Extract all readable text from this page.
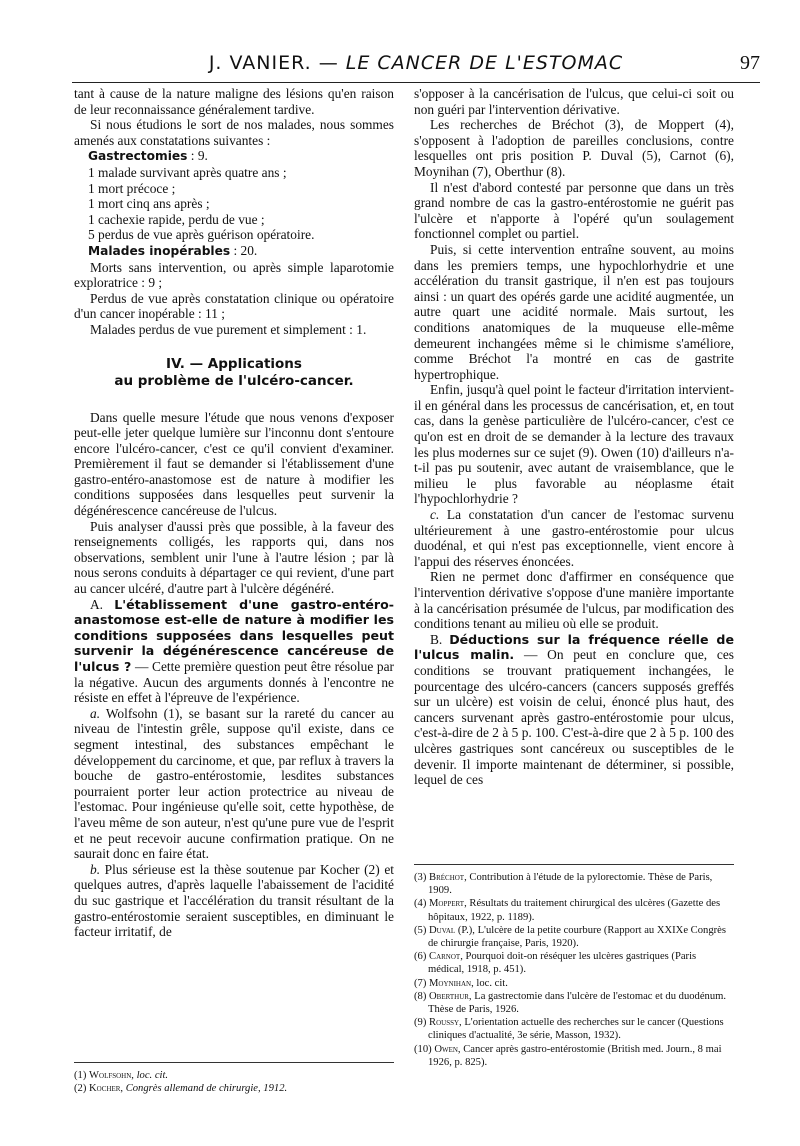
J. VANIER. — LE CANCER DE L'ESTOMAC	97

tant à cause de la nature maligne des lésions qu'en raison de leur reconnaissance généralement tardive.

Si nous étudions le sort de nos malades, nous sommes amenés aux constatations suivantes :

Gastrectomies : 9.
1 malade survivant après quatre ans ;
1 mort précoce ;
1 mort cinq ans après ;
1 cachexie rapide, perdu de vue ;
5 perdus de vue après guérison opératoire.
Malades inopérables : 20.

Morts sans intervention, ou après simple laparotomie exploratrice : 9 ;

Perdus de vue après constatation clinique ou opératoire d'un cancer inopérable : 11 ;

Malades perdus de vue purement et simplement : 1.

IV. — Applications
au problème de l'ulcéro-cancer.

Dans quelle mesure l'étude que nous venons d'exposer peut-elle jeter quelque lumière sur l'inconnu dont s'entoure encore l'ulcéro-cancer, c'est ce qu'il convient d'examiner. Premièrement il faut se demander si l'établissement d'une gastro-entéro-anastomose est de nature à modifier les conditions supposées dans lesquelles peut survenir la dégénérescence cancéreuse de l'ulcus.

Puis analyser d'aussi près que possible, à la faveur des renseignements colligés, les rapports qui, dans nos observations, semblent unir l'une à l'autre lésion ; par là nous serons conduits à départager ce qui revient, d'une part au cancer ulcéré, d'autre part à l'ulcère dégénéré.

A. L'établissement d'une gastro-entéro-anastomose est-elle de nature à modifier les conditions supposées dans lesquelles peut survenir la dégénérescence cancéreuse de l'ulcus ? — Cette première question peut être résolue par la négative. Aucun des arguments donnés à l'encontre ne résiste en effet à l'épreuve de l'expérience.

a. Wolfsohn (1), se basant sur la rareté du cancer au niveau de l'intestin grêle, suppose qu'il existe, dans ce segment intestinal, des substances empêchant le développement du carcinome, et que, par reflux à travers la bouche de gastro-entérostomie, lesdites substances pourraient porter leur action protectrice au niveau de l'estomac. Pour ingénieuse qu'elle soit, cette hypothèse, de l'aveu même de son auteur, n'est qu'une pure vue de l'esprit et ne peut recevoir aucune confirmation pratique. On ne saurait donc en faire état.

b. Plus sérieuse est la thèse soutenue par Kocher (2) et quelques autres, d'après laquelle l'abaissement de l'acidité du suc gastrique et l'accélération du transit résultant de la gastro-entérostomie seraient susceptibles, en diminuant le facteur irritatif, de

s'opposer à la cancérisation de l'ulcus, que celui-ci soit ou non guéri par l'intervention dérivative.

Les recherches de Bréchot (3), de Moppert (4), s'opposent à l'adoption de pareilles conclusions, contre lesquelles ont pris position P. Duval (5), Carnot (6), Moynihan (7), Oberthur (8).

Il n'est d'abord contesté par personne que dans un très grand nombre de cas la gastro-entérostomie ne guérit pas l'ulcère et n'apporte à l'opéré qu'un soulagement fonctionnel complet ou partiel.

Puis, si cette intervention entraîne souvent, au moins dans les premiers temps, une hypochlorhydrie et une accélération du transit gastrique, il n'en est pas toujours ainsi : un quart des opérés garde une acidité augmentée, un autre quart une acidité normale. Mais surtout, les conditions anatomiques de la muqueuse elle-même demeurent inchangées même si le chimisme s'améliore, comme Bréchot l'a montré en cas de gastrite hypertrophique.

Enfin, jusqu'à quel point le facteur d'irritation intervient-il en général dans les processus de cancérisation, et, en tout cas, dans la genèse particulière de l'ulcéro-cancer, c'est ce qu'on est en droit de se demander à la lecture des travaux les plus modernes sur ce sujet (9). Owen (10) d'ailleurs n'a-t-il pas pu soutenir, avec autant de vraisemblance, que le milieu le plus favorable au néoplasme était l'hypochlorhydrie ?

c. La constatation d'un cancer de l'estomac survenu ultérieurement à une gastro-entérostomie pour ulcus duodénal, et qui n'est pas exceptionnelle, vient encore à l'appui des réserves énoncées.

Rien ne permet donc d'affirmer en conséquence que l'intervention dérivative s'oppose d'une manière importante à la cancérisation présumée de l'ulcus, par modification des conditions tenant au milieu où elle se produit.

B. Déductions sur la fréquence réelle de l'ulcus malin. — On peut en conclure que, ces conditions se trouvant pratiquement inchangées, le pourcentage des ulcéro-cancers (cancers supposés greffés sur un ulcère) est voisin de celui, énoncé plus haut, des cancers survenant après gastro-entérostomie pour ulcus, c'est-à-dire de 2 à 5 p. 100. C'est-à-dire que 2 à 5 p. 100 des ulcères gastriques sont cancéreux ou susceptibles de le devenir. Il importe maintenant de déterminer, si possible, lequel de ces

(3) Bréchot, Contribution à l'étude de la pylorectomie. Thèse de Paris, 1909.
(4) Moppert, Résultats du traitement chirurgical des ulcères (Gazette des hôpitaux, 1922, p. 1189).
(5) Duval (P.), L'ulcère de la petite courbure (Rapport au XXIXe Congrès de chirurgie française, Paris, 1920).
(6) Carnot, Pourquoi doit-on réséquer les ulcères gastriques (Paris médical, 1918, p. 451).
(7) Moynihan, loc. cit.
(8) Oberthur, La gastrectomie dans l'ulcère de l'estomac et du duodénum. Thèse de Paris, 1926.
(9) Roussy, L'orientation actuelle des recherches sur le cancer (Questions cliniques d'actualité, 3e série, Masson, 1932).
(10) Owen, Cancer après gastro-entérostomie (British med. Journ., 8 mai 1926, p. 825).
(1) Wolfsohn, loc. cit.
(2) Kocher, Congrès allemand de chirurgie, 1912.
